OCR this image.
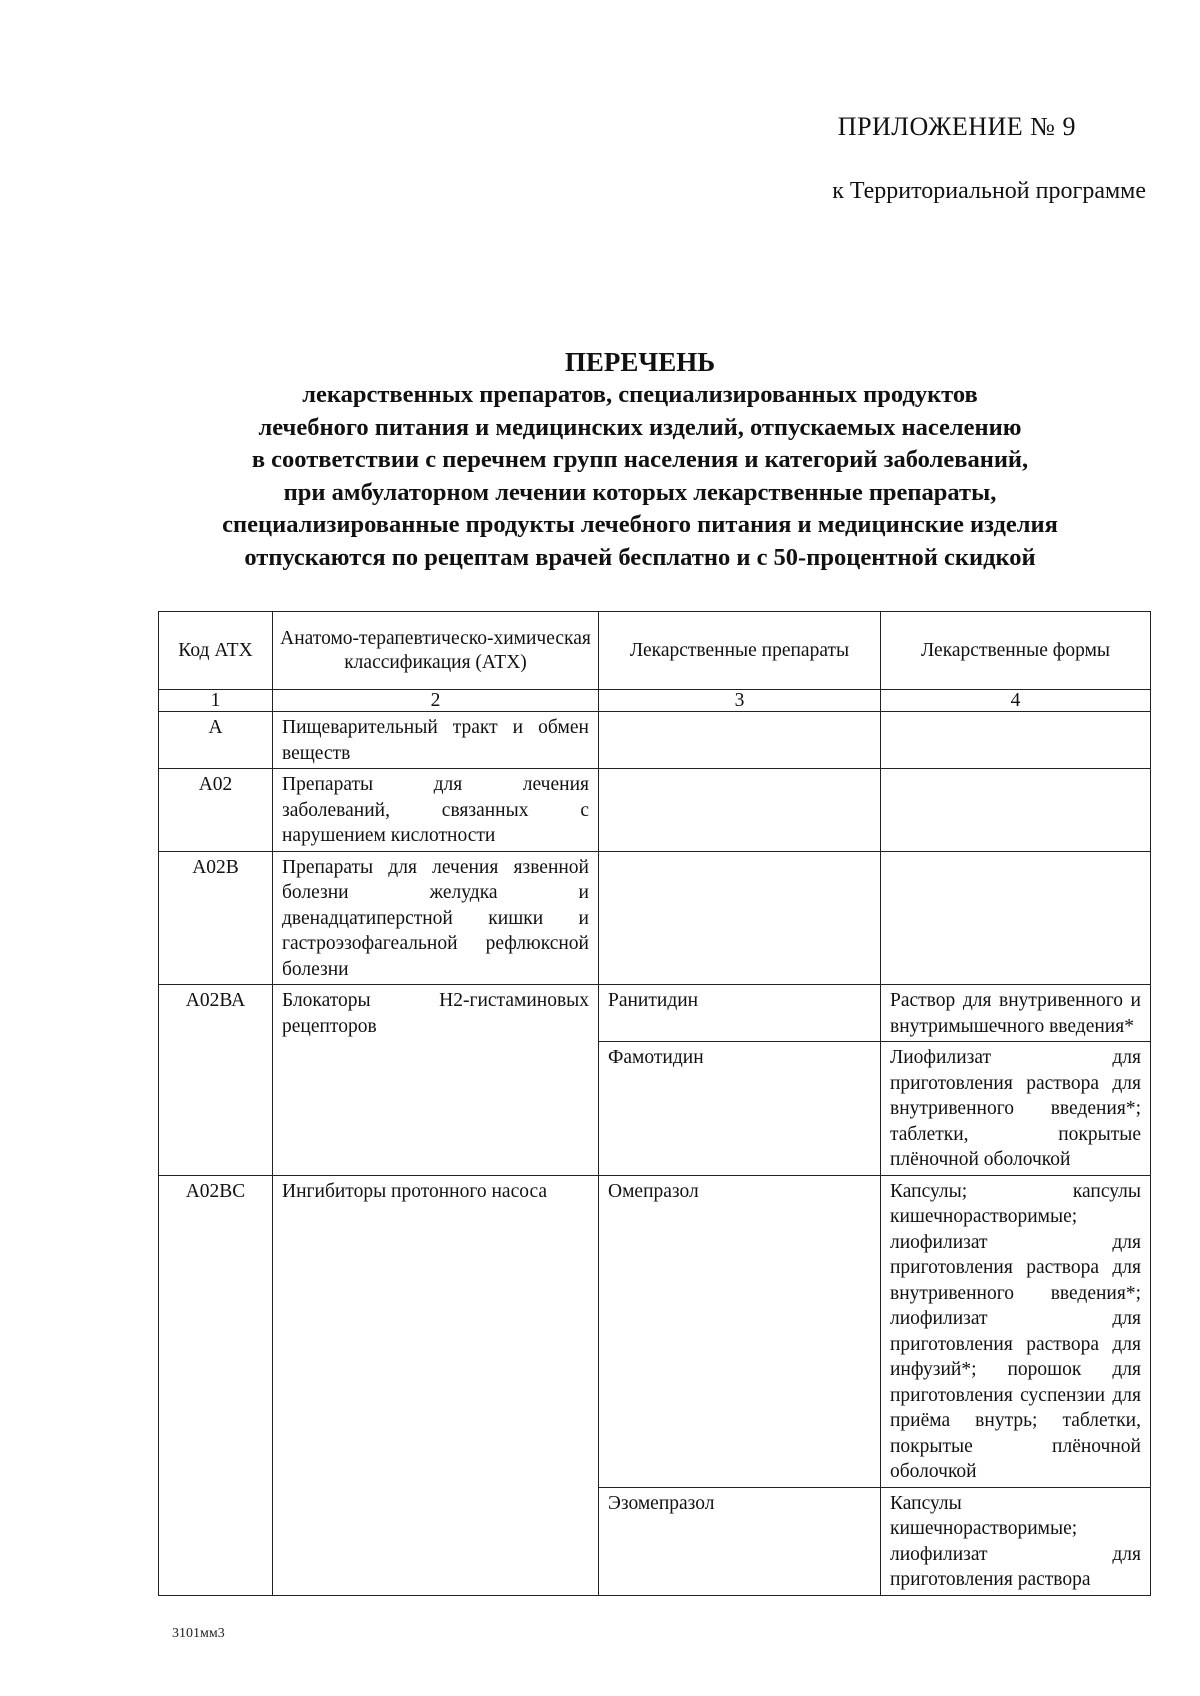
ПРИЛОЖЕНИЕ № 9
к Территориальной программе
ПЕРЕЧЕНЬ
лекарственных препаратов, специализированных продуктов
лечебного питания и медицинских изделий, отпускаемых населению
в соответствии с перечнем групп населения и категорий заболеваний,
при амбулаторном лечении которых лекарственные препараты,
специализированные продукты лечебного питания и медицинские изделия
отпускаются по рецептам врачей бесплатно и с 50-процентной скидкой
Код АТХ	Анатомо-терапевтическо-химическая классификация (АТХ)	Лекарственные препараты	Лекарственные формы
1	2	3	4
А	Пищеварительный тракт и обмен веществ		
А02	Препараты для лечения заболеваний, связанных с нарушением кислотности		
А02В	Препараты для лечения язвенной болезни желудка и двенадцатиперстной кишки и гастроэзофагеальной рефлюксной болезни		
А02ВА	Блокаторы Н2-гистаминовых рецепторов	Ранитидин	Раствор для внутривенного и внутримышечного введения*
		Фамотидин	Лиофилизат для приготовления раствора для внутривенного введения*; таблетки, покрытые плёночной оболочкой
А02ВС	Ингибиторы протонного насоса	Омепразол	Капсулы; капсулы кишечнорастворимые; лиофилизат для приготовления раствора для внутривенного введения*; лиофилизат для приготовления раствора для инфузий*; порошок для приготовления суспензии для приёма внутрь; таблетки, покрытые плёночной оболочкой
		Эзомепразол	Капсулы кишечнорастворимые; лиофилизат для приготовления раствора
3101мм3
